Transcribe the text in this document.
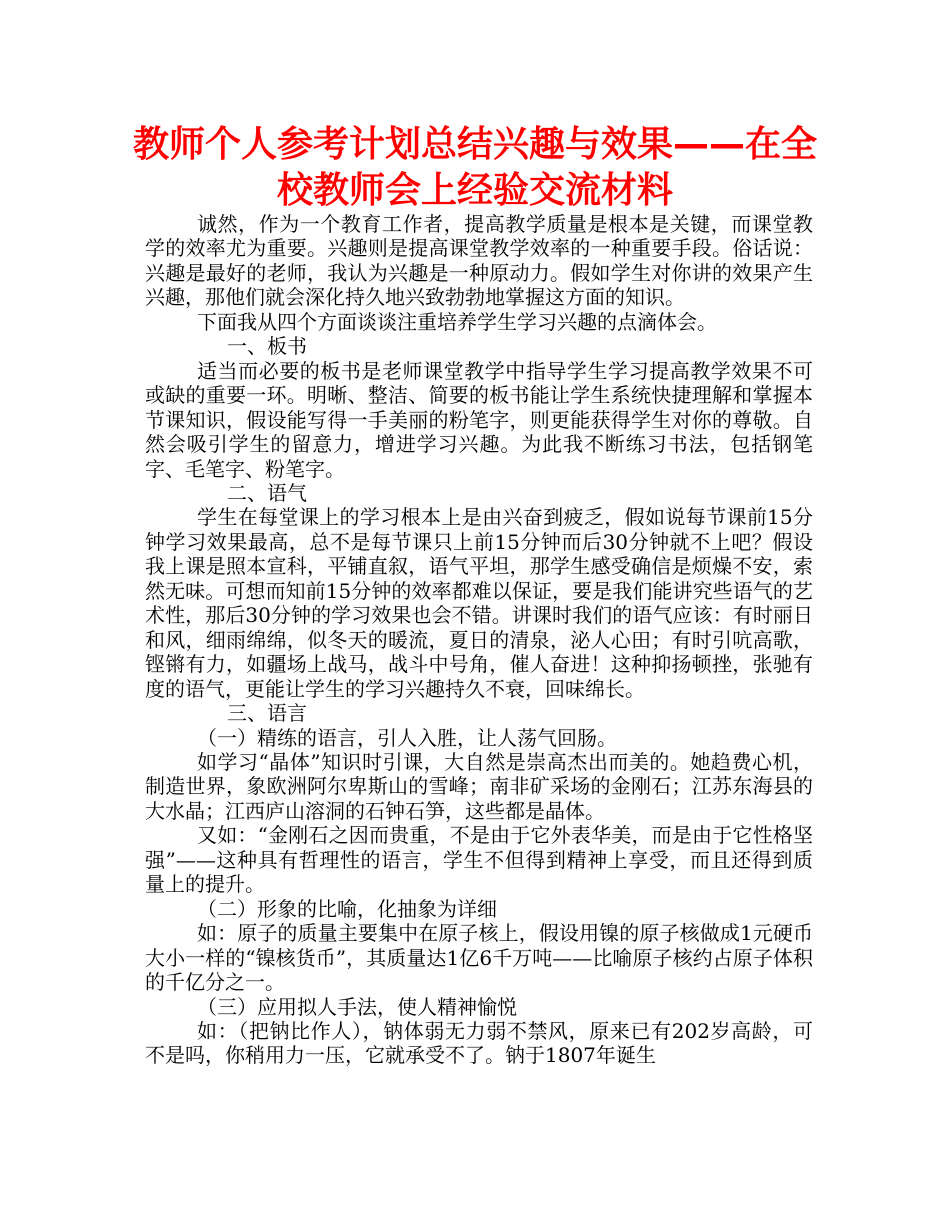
教师个人参考计划总结兴趣与效果——在全校教师会上经验交流材料

诚然，作为一个教育工作者，提高教学质量是根本是关键，而课堂教学的效率尤为重要。兴趣则是提高课堂教学效率的一种重要手段。俗话说：兴趣是最好的老师，我认为兴趣是一种原动力。假如学生对你讲的效果产生兴趣，那他们就会深化持久地兴致勃勃地掌握这方面的知识。

下面我从四个方面谈谈注重培养学生学习兴趣的点滴体会。

一、板书

适当而必要的板书是老师课堂教学中指导学生学习提高教学效果不可或缺的重要一环。明晰、整洁、简要的板书能让学生系统快捷理解和掌握本节课知识，假设能写得一手美丽的粉笔字，则更能获得学生对你的尊敬。自然会吸引学生的留意力，增进学习兴趣。为此我不断练习书法，包括钢笔字、毛笔字、粉笔字。

二、语气

学生在每堂课上的学习根本上是由兴奋到疲乏，假如说每节课前15分钟学习效果最高，总不是每节课只上前15分钟而后30分钟就不上吧？假设我上课是照本宣科，平铺直叙，语气平坦，那学生感受确信是烦燥不安，索然无味。可想而知前15分钟的效率都难以保证，要是我们能讲究些语气的艺术性，那后30分钟的学习效果也会不错。讲课时我们的语气应该：有时丽日和风，细雨绵绵，似冬天的暖流，夏日的清泉，泌人心田；有时引吭高歌，铿锵有力，如疆场上战马，战斗中号角，催人奋进！这种抑扬顿挫，张驰有度的语气，更能让学生的学习兴趣持久不衰，回味绵长。

三、语言

（一）精练的语言，引人入胜，让人荡气回肠。

如学习“晶体”知识时引课，大自然是崇高杰出而美的。她趋费心机，制造世界，象欧洲阿尔卑斯山的雪峰；南非矿采场的金刚石；江苏东海县的大水晶；江西庐山溶洞的石钟石笋，这些都是晶体。

又如：“金刚石之因而贵重，不是由于它外表华美，而是由于它性格坚强”——这种具有哲理性的语言，学生不但得到精神上享受，而且还得到质量上的提升。

（二）形象的比喻，化抽象为详细

如：原子的质量主要集中在原子核上，假设用镍的原子核做成1元硬币大小一样的“镍核货币”，其质量达1亿6千万吨——比喻原子核约占原子体积的千亿分之一。

（三）应用拟人手法，使人精神愉悦

如：（把钠比作人），钠体弱无力弱不禁风，原来已有202岁高龄，可不是吗，你稍用力一压，它就承受不了。钠于1807年诞生
